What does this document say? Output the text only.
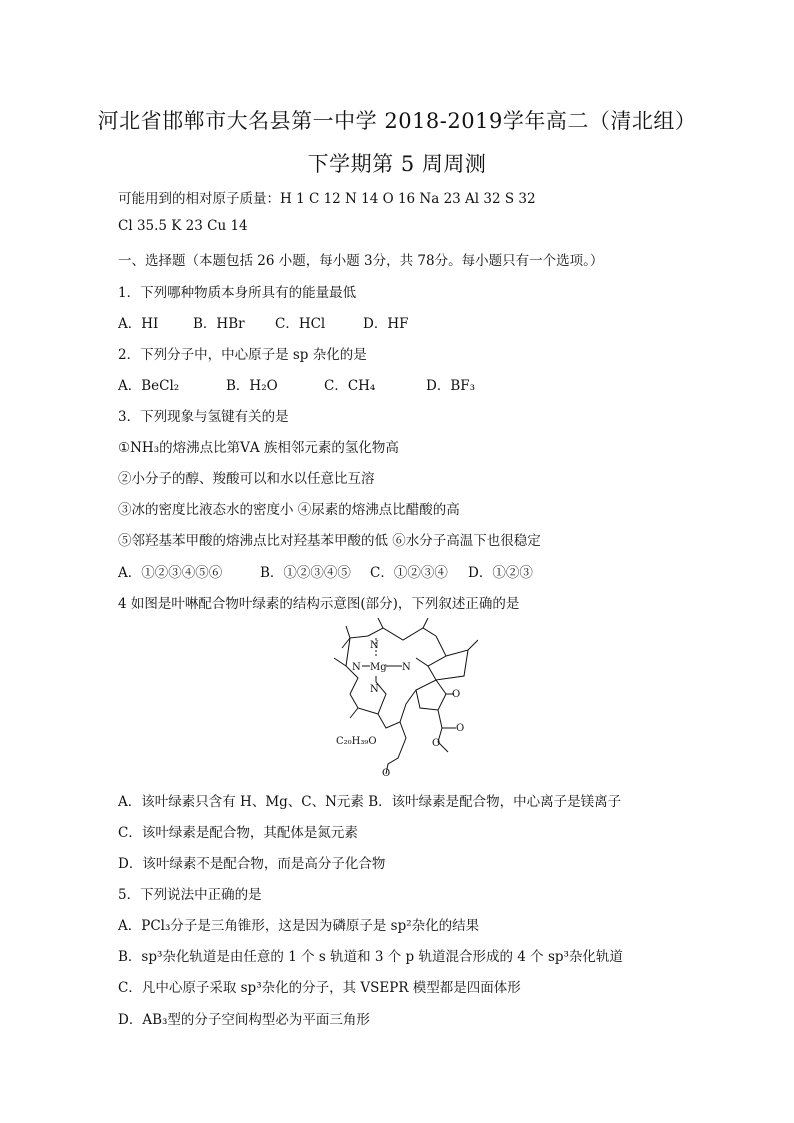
河北省邯郸市大名县第一中学 2018-2019学年高二（清北组）
下学期第 5 周周测
可能用到的相对原子质量：H 1 C 12 N 14 O 16 Na 23 Al 32 S 32
Cl 35.5 K 23 Cu 14
一、选择题（本题包括 26 小题，每小题 3分，共 78分。每小题只有一个选项。）
1．下列哪种物质本身所具有的能量最低
A．HI	B．HBr C．HCl	D．HF
2．下列分子中，中心原子是 sp 杂化的是
A．BeCl₂	B．H₂O	C．CH₄	D．BF₃
3．下列现象与氢键有关的是
①NH₃的熔沸点比第ⅤA 族相邻元素的氢化物高
②小分子的醇、羧酸可以和水以任意比互溶
③冰的密度比液态水的密度小 ④尿素的熔沸点比醋酸的高
⑤邻羟基苯甲酸的熔沸点比对羟基苯甲酸的低 ⑥水分子高温下也很稳定
A．①②③④⑤⑥	B．①②③④⑤ C．①②③④ D．①②③
4 如图是叶啉配合物叶绿素的结构示意图(部分)，下列叙述正确的是
N
N Mg N
N	O
O
O
C₂₀H₃₉O
O
A．该叶绿素只含有 H、Mg、C、N元素 B．该叶绿素是配合物，中心离子是镁离子
C．该叶绿素是配合物，其配体是氮元素
D．该叶绿素不是配合物，而是高分子化合物
5．下列说法中正确的是
A．PCl₃分子是三角锥形，这是因为磷原子是 sp²杂化的结果
B．sp³杂化轨道是由任意的 1 个 s 轨道和 3 个 p 轨道混合形成的 4 个 sp³杂化轨道
C．凡中心原子采取 sp³杂化的分子，其 VSEPR 模型都是四面体形
D．AB₃型的分子空间构型必为平面三角形
